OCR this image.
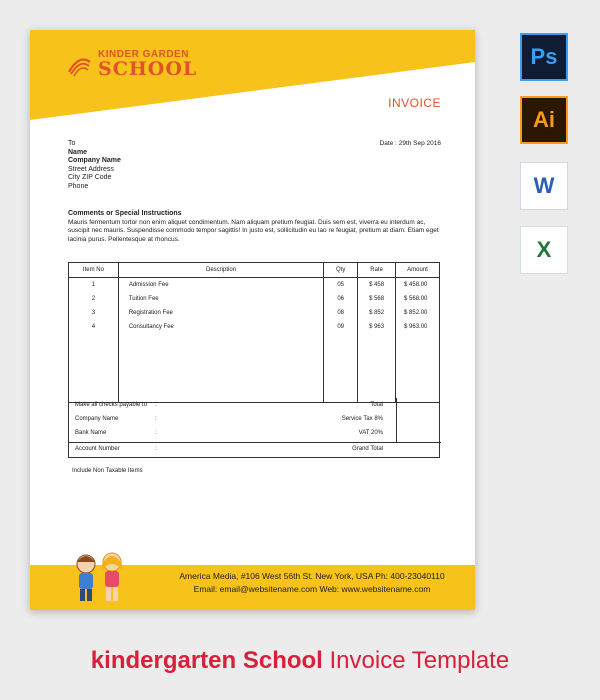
KINDER GARDEN
SCHOOL
INVOICE
To
Name
Company Name
Street Address
City ZIP Code
Phone
Date : 29th Sep 2016
Comments or Special Instructions
Mauris fermentum tortor non enim aliquet condimentum. Nam aliquam pretium feugiat. Duis sem est, viverra eu interdum ac, suscipit nec mauris. Suspendisse commodo tempor sagittis! In justo est, sollicitudin eu lao re feugiat, pretium at diam. Etiam eget lacinia purus. Pellentesque at rhoncus.
Item No	Description	Qty	Rate	Amount
1	Admission Fee	05	$ 458	$ 458.00
2	Tuition Fee	06	$ 568	$ 568.00
3	Registration Fee	08	$ 852	$ 852.00
4	Consultancy Fee	09	$ 963	$ 963.00

Make all checks payable to :
Company Name	:
Bank Name	:
Account Number	:
Total
Service Tax 8%
VAT 20%
Grand Total
Include Non Taxable Items
America Media, #106 West 56th St. New York, USA Ph: 400-23040110
Email: email@websitename.com Web: www.websitename.com
Ps
Ai
W
X
kindergarten School Invoice Template
